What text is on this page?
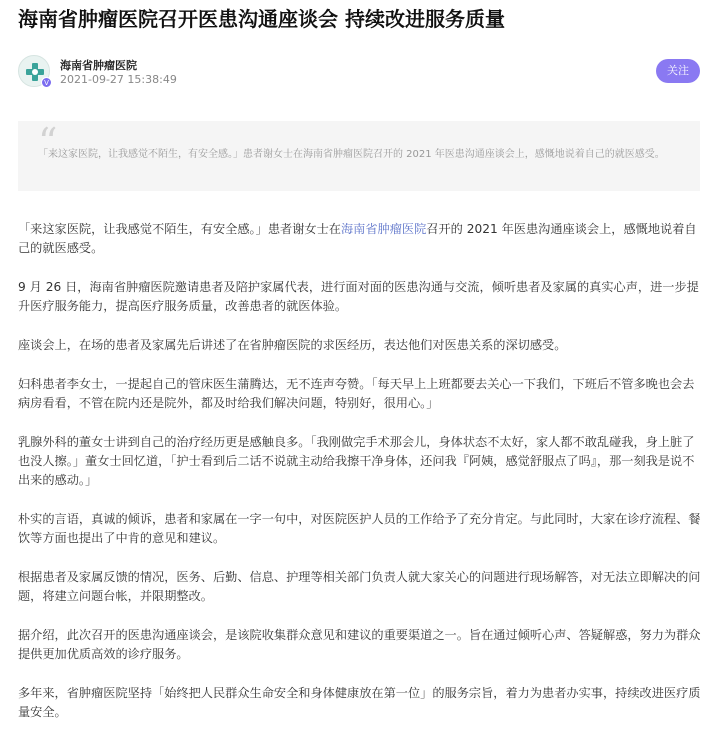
海南省肿瘤医院召开医患沟通座谈会 持续改进服务质量
V
海南省肿瘤医院
2021-09-27 15:38:49
关注
“
「来这家医院，让我感觉不陌生，有安全感。」患者谢女士在海南省肿瘤医院召开的 2021 年医患沟通座谈会上，感慨地说着自己的就医感受。

「来这家医院，让我感觉不陌生，有安全感。」患者谢女士在海南省肿瘤医院召开的 2021 年医患沟通座谈会上，感慨地说着自己的就医感受。

9 月 26 日，海南省肿瘤医院邀请患者及陪护家属代表，进行面对面的医患沟通与交流，倾听患者及家属的真实心声，进一步提升医疗服务能力，提高医疗服务质量，改善患者的就医体验。

座谈会上，在场的患者及家属先后讲述了在省肿瘤医院的求医经历，表达他们对医患关系的深切感受。

妇科患者李女士，一提起自己的管床医生蒲腾达，无不连声夸赞。「每天早上上班都要去关心一下我们，下班后不管多晚也会去病房看看，不管在院内还是院外，都及时给我们解决问题，特别好，很用心。」

乳腺外科的董女士讲到自己的治疗经历更是感触良多。「我刚做完手术那会儿，身体状态不太好，家人都不敢乱碰我，身上脏了也没人擦。」董女士回忆道，「护士看到后二话不说就主动给我擦干净身体，还问我『阿姨，感觉舒服点了吗』，那一刻我是说不出来的感动。」

朴实的言语，真诚的倾诉，患者和家属在一字一句中，对医院医护人员的工作给予了充分肯定。与此同时，大家在诊疗流程、餐饮等方面也提出了中肯的意见和建议。

根据患者及家属反馈的情况，医务、后勤、信息、护理等相关部门负责人就大家关心的问题进行现场解答，对无法立即解决的问题，将建立问题台帐，并限期整改。

据介绍，此次召开的医患沟通座谈会，是该院收集群众意见和建议的重要渠道之一。旨在通过倾听心声、答疑解惑，努力为群众提供更加优质高效的诊疗服务。

多年来，省肿瘤医院坚持「始终把人民群众生命安全和身体健康放在第一位」的服务宗旨，着力为患者办实事，持续改进医疗质量安全。
